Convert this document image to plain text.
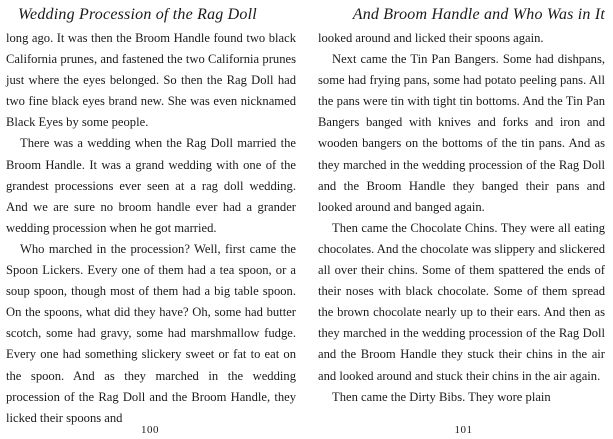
Wedding Procession of the Rag Doll

long ago. It was then the Broom Handle found two black California prunes, and fastened the two California prunes just where the eyes belonged. So then the Rag Doll had two fine black eyes brand new. She was even nicknamed Black Eyes by some people.

There was a wedding when the Rag Doll married the Broom Handle. It was a grand wedding with one of the grandest processions ever seen at a rag doll wedding. And we are sure no broom handle ever had a grander wedding procession when he got married.

Who marched in the procession? Well, first came the Spoon Lickers. Every one of them had a tea spoon, or a soup spoon, though most of them had a big table spoon. On the spoons, what did they have? Oh, some had butter scotch, some had gravy, some had marshmallow fudge. Every one had something slickery sweet or fat to eat on the spoon. And as they marched in the wedding procession of the Rag Doll and the Broom Handle, they licked their spoons and

100
And Broom Handle and Who Was in It

looked around and licked their spoons again.

Next came the Tin Pan Bangers. Some had dishpans, some had frying pans, some had potato peeling pans. All the pans were tin with tight tin bottoms. And the Tin Pan Bangers banged with knives and forks and iron and wooden bangers on the bottoms of the tin pans. And as they marched in the wedding procession of the Rag Doll and the Broom Handle they banged their pans and looked around and banged again.

Then came the Chocolate Chins. They were all eating chocolates. And the chocolate was slippery and slickered all over their chins. Some of them spattered the ends of their noses with black chocolate. Some of them spread the brown chocolate nearly up to their ears. And then as they marched in the wedding procession of the Rag Doll and the Broom Handle they stuck their chins in the air and looked around and stuck their chins in the air again.

Then came the Dirty Bibs. They wore plain

101
